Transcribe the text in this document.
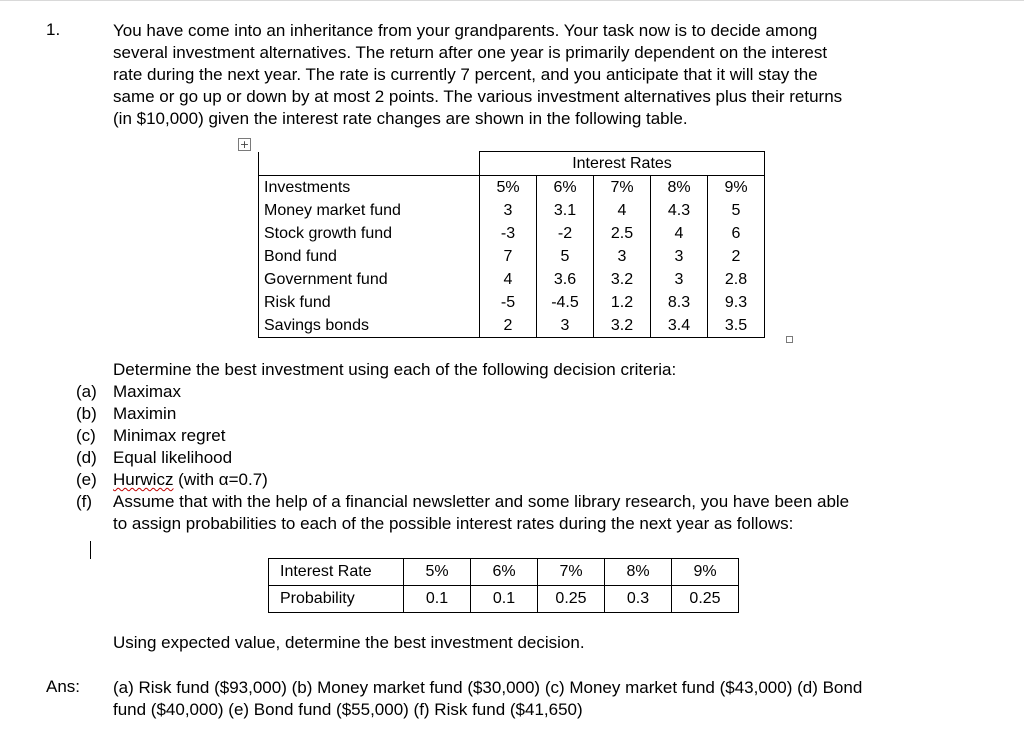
1.	You have come into an inheritance from your grandparents. Your task now is to decide among
several investment alternatives. The return after one year is primarily dependent on the interest
rate during the next year. The rate is currently 7 percent, and you anticipate that it will stay the
same or go up or down by at most 2 points. The various investment alternatives plus their returns
(in $10,000) given the interest rate changes are shown in the following table.

+
	Interest Rates				
Investments	5%	6%	7%	8%	9%
Money market fund	3	3.1	4	4.3	5
Stock growth fund	-3	-2	2.5	4	6
Bond fund	7	5	3	3	2
Government fund	4	3.6	3.2	3	2.8
Risk fund	-5	-4.5	1.2	8.3	9.3
Savings bonds	2	3	3.2	3.4	3.5
Determine the best investment using each of the following decision criteria:
(a) Maximax
(b) Maximin
(c) Minimax regret
(d) Equal likelihood
(e) Hurwicz (with α=0.7)
(f) Assume that with the help of a financial newsletter and some library research, you have been able
to assign probabilities to each of the possible interest rates during the next year as follows:
Interest Rate	5%	6%	7%	8%	9%
Probability	0.1	0.1	0.25	0.3	0.25
Using expected value, determine the best investment decision.
Ans: (a) Risk fund ($93,000) (b) Money market fund ($30,000) (c) Money market fund ($43,000) (d) Bond
fund ($40,000) (e) Bond fund ($55,000) (f) Risk fund ($41,650)
